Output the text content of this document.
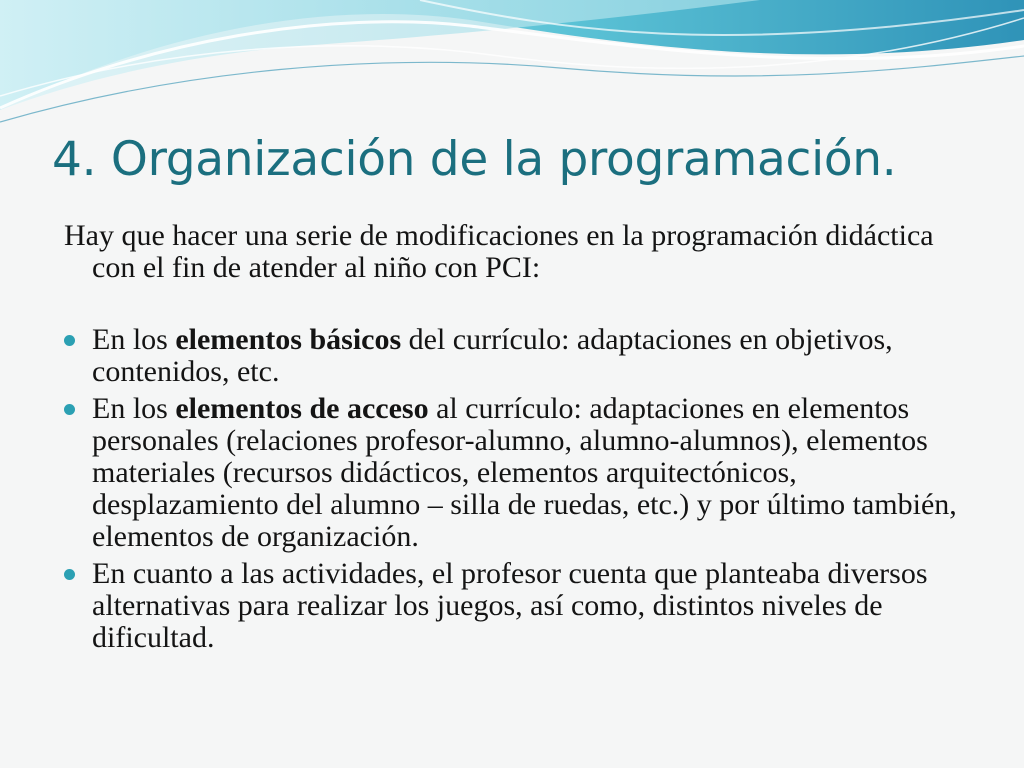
4. Organización de la programación.

Hay que hacer una serie de modificaciones en la programación didáctica con el fin de atender al niño con PCI:

En los elementos básicos del currículo: adaptaciones en objetivos, contenidos, etc.
En los elementos de acceso al currículo: adaptaciones en elementos personales (relaciones profesor-alumno, alumno-alumnos), elementos materiales (recursos didácticos, elementos arquitectónicos, desplazamiento del alumno – silla de ruedas, etc.) y por último también, elementos de organización.
En cuanto a las actividades, el profesor cuenta que planteaba diversos alternativas para realizar los juegos, así como, distintos niveles de dificultad.
